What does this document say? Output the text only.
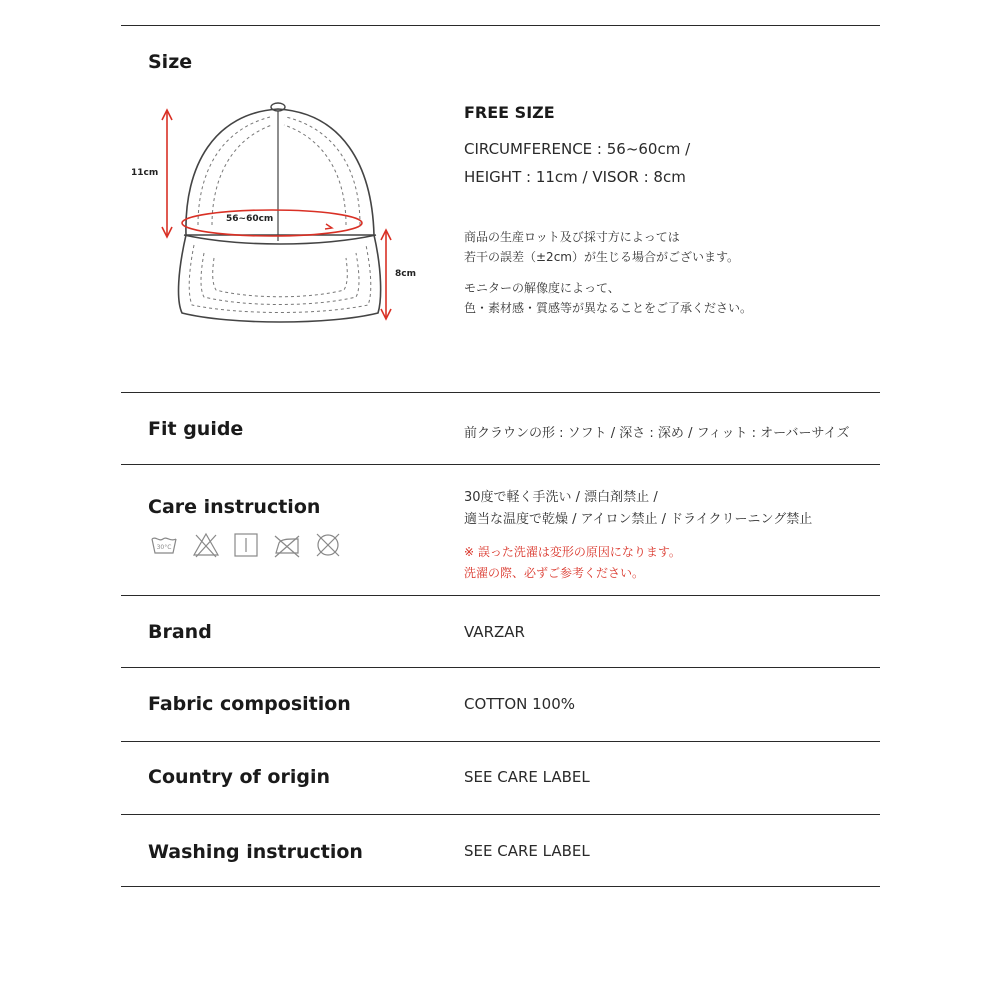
Size
11cm
56~60cm
8cm
FREE SIZE
CIRCUMFERENCE : 56~60cm /
HEIGHT : 11cm / VISOR : 8cm
商品の生産ロット及び採寸方によっては
若干の誤差（±2cm）が生じる場合がございます。
モニターの解像度によって、
色・素材感・質感等が異なることをご了承ください。
Fit guide	前クラウンの形 : ソフト / 深さ : 深め / フィット : オーバーサイズ
Care instruction
30°C
30度で軽く手洗い / 漂白剤禁止 /
適当な温度で乾燥 / アイロン禁止 / ドライクリーニング禁止
※ 誤った洗濯は変形の原因になります。
洗濯の際、必ずご参考ください。
Brand	VARZAR
Fabric composition	COTTON 100%
Country of origin	SEE CARE LABEL
Washing instruction	SEE CARE LABEL
